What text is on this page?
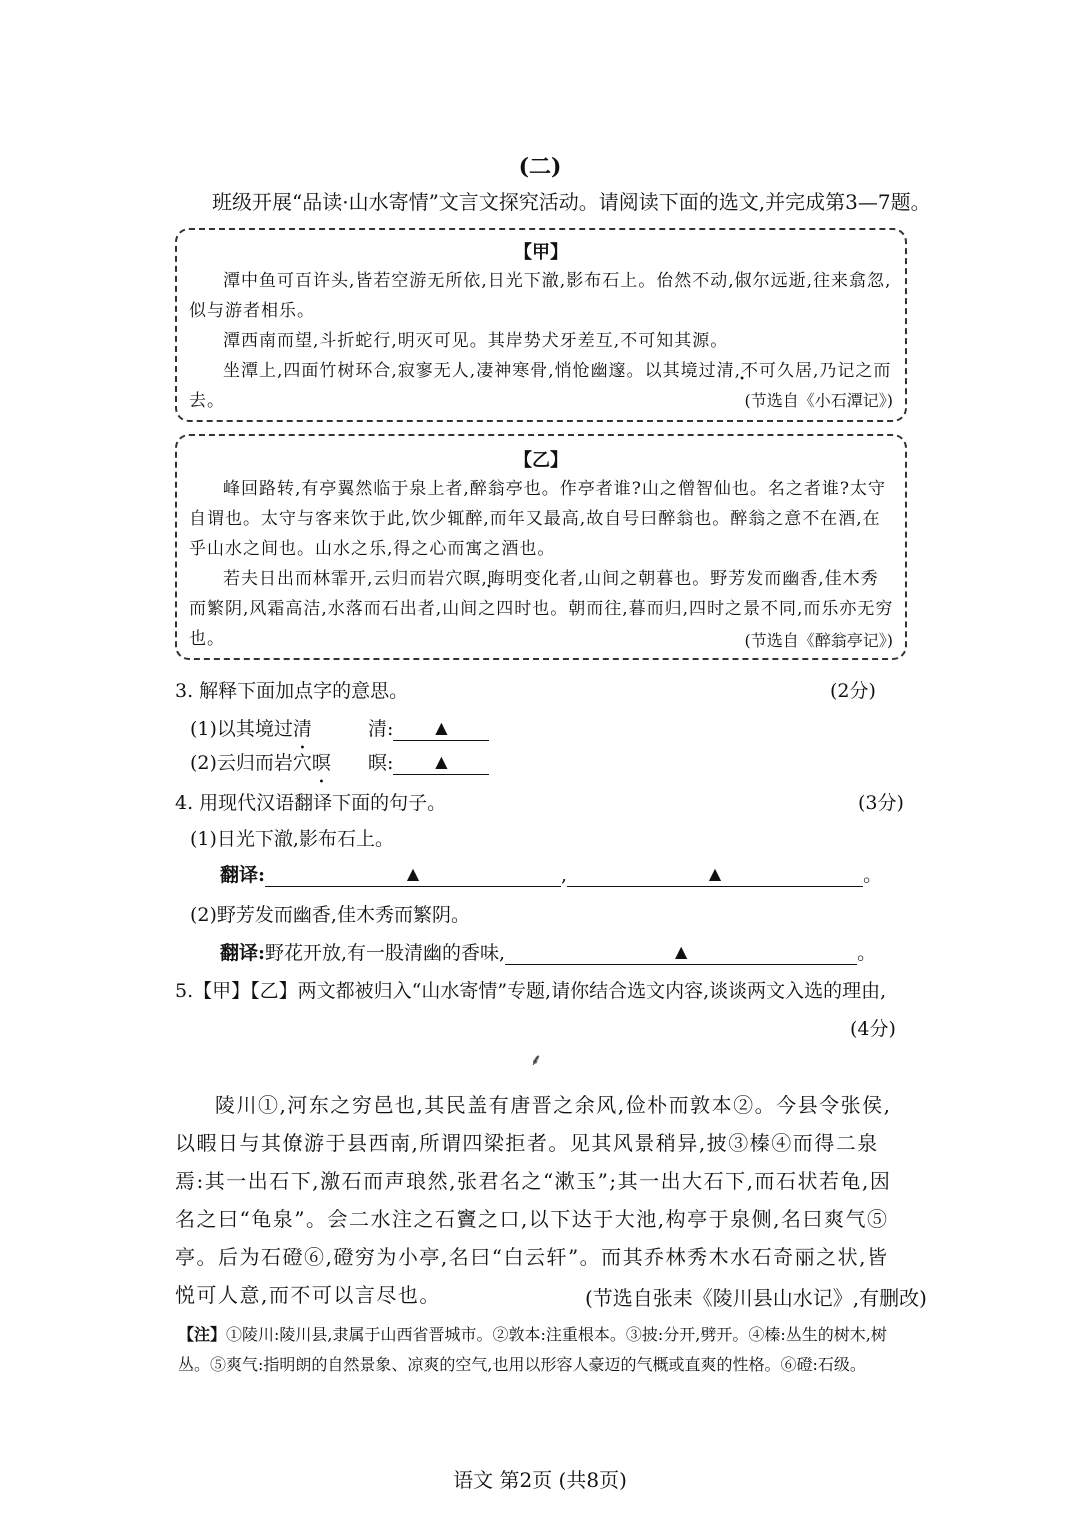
(二)
班级开展“品读·山水寄情”文言文探究活动。请阅读下面的选文,并完成第3—7题。
【甲】
潭中鱼可百许头,皆若空游无所依,日光下澈,影布石上。佁然不动,俶尔远逝,往来翕忽,似与游者相乐。
潭西南而望,斗折蛇行,明灭可见。其岸势犬牙差互,不可知其源。
坐潭上,四面竹树环合,寂寥无人,凄神寒骨,悄怆幽邃。以其境过清,不可久居,乃记之而去。	(节选自《小石潭记》)
【乙】
峰回路转,有亭翼然临于泉上者,醉翁亭也。作亭者谁?山之僧智仙也。名之者谁?太守自谓也。太守与客来饮于此,饮少辄醉,而年又最高,故自号曰醉翁也。醉翁之意不在酒,在乎山水之间也。山水之乐,得之心而寓之酒也。
若夫日出而林霏开,云归而岩穴暝,晦明变化者,山间之朝暮也。野芳发而幽香,佳木秀而繁阴,风霜高洁,水落而石出者,山间之四时也。朝而往,暮而归,四时之景不同,而乐亦无穷也。	(节选自《醉翁亭记》)
3. 解释下面加点字的意思。	(2分)
(1)以其境过清	清:	▲
(2)云归而岩穴暝 暝:	▲
4. 用现代汉语翻译下面的句子。	(3分)
(1)日光下澈,影布石上。
翻译:	▲	,	▲	。
(2)野芳发而幽香,佳木秀而繁阴。
翻译:野花开放,有一股清幽的香味,	▲	。
5.【甲】【乙】两文都被归入“山水寄情”专题,请你结合选文内容,谈谈两文入选的理由,
(4分)
⸙
陵川①,河东之穷邑也,其民盖有唐晋之余风,俭朴而敦本②。今县令张侯,以暇日与其僚游于县西南,所谓四梁拒者。见其风景稍异,披③榛④而得二泉焉:其一出石下,激石而声琅然,张君名之“漱玉”;其一出大石下,而石状若龟,因名之曰“龟泉”。会二水注之石竇之口,以下达于大池,构亭于泉侧,名曰爽气⑤亭。后为石磴⑥,磴穷为小亭,名曰“白云轩”。而其乔林秀木水石奇丽之状,皆悦可人意,而不可以言尽也。	(节选自张耒《陵川县山水记》,有删改)
【注】①陵川:陵川县,隶属于山西省晋城市。②敦本:注重根本。③披:分开,劈开。④榛:丛生的树木,树丛。⑤爽气:指明朗的自然景象、凉爽的空气,也用以形容人豪迈的气概或直爽的性格。⑥磴:石级。
语文 第2页 (共8页)
